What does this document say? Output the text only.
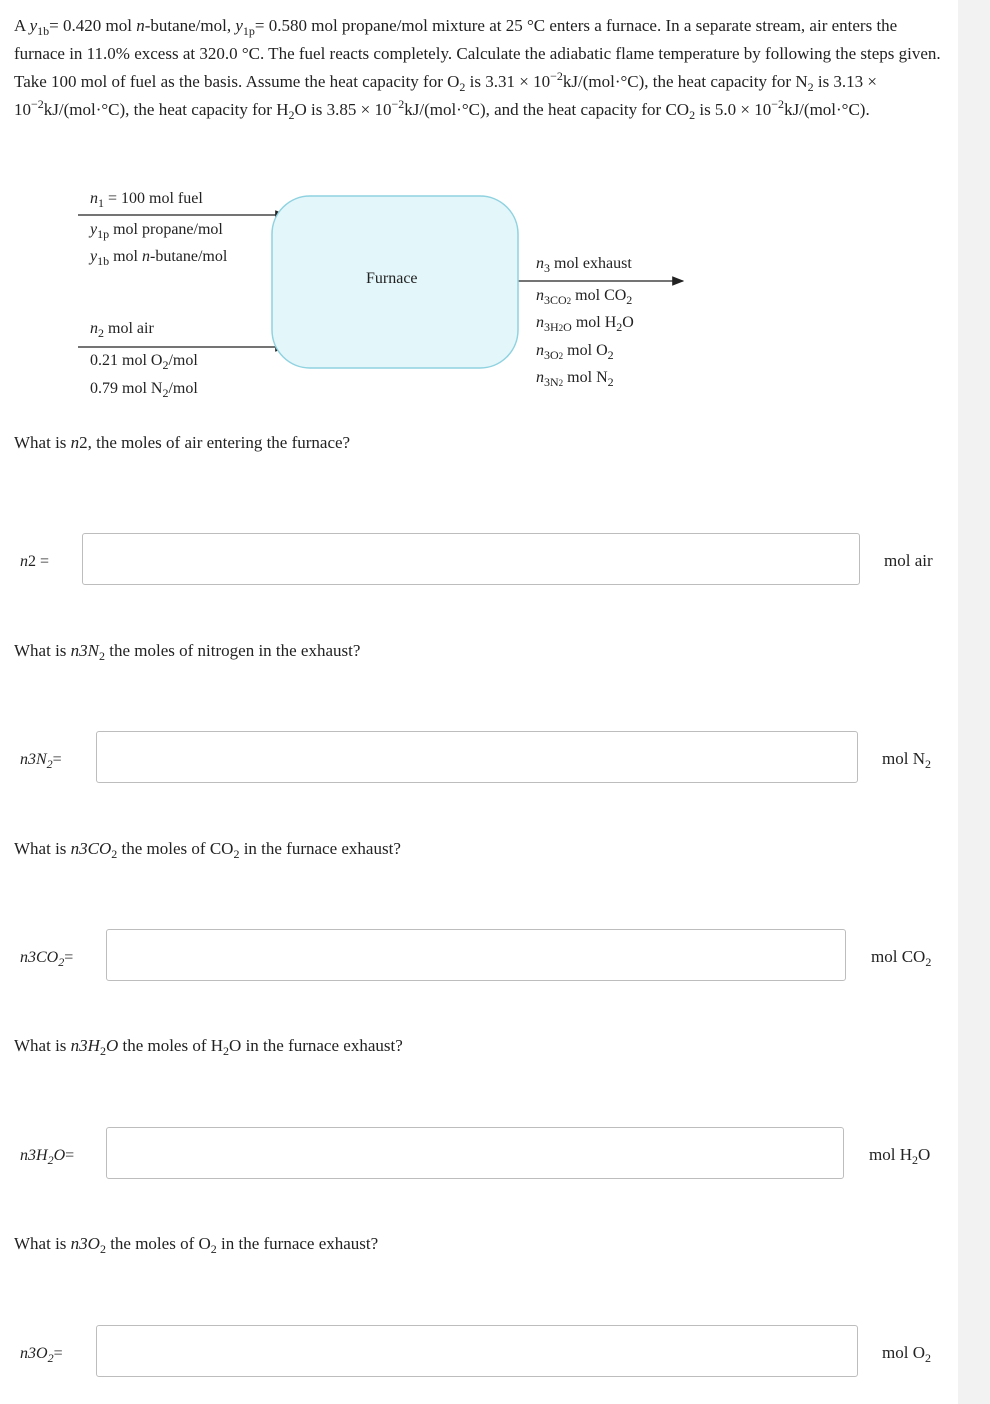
A $y_{1b}= 0.420$ mol n-butane/mol, $y_{1p}= 0.580$ mol propane/mol mixture at 25 °C enters a furnace. In a separate stream, air enters the furnace in 11.0% excess at 320.0 °C. The fuel reacts completely. Calculate the adiabatic flame temperature by following the steps given. Take 100 mol of fuel as the basis. Assume the heat capacity for $O_2$ is $3.31 \times 10^{-2}kJ/(mol\cdot^\circ C)$, the heat capacity for $N_2$ is $3.13 \times 10^{-2}kJ/(mol\cdot^\circ C)$, the heat capacity for $H_2O$ is $3.85 \times 10^{-2}kJ/(mol\cdot^\circ C)$, and the heat capacity for $CO_2$ is $5.0 \times 10^{-2}kJ/(mol\cdot^\circ C)$.
Furnace
$n_1 = 100$ mol fuel
$y_{1p}$ mol propane/mol
$y_{1b}$ mol n-butane/mol
$n_2$ mol air
0.21 mol $O_2$/mol
0.79 mol $N_2$/mol
$n_3$ mol exhaust
$n_{3CO2}$ mol $CO_2$
$n_{3H2O}$ mol $H_2O$
$n_{3O2}$ mol $O_2$
$n_{3N2}$ mol $N_2$
What is n2, the moles of air entering the furnace?
n2 =	mol air
What is $n3N_2$ the moles of nitrogen in the exhaust?
$n3N_2=$	mol $N_2$
What is $n3CO_2$ the moles of $CO_2$ in the furnace exhaust?
$n3CO_2=$	mol $CO_2$
What is $n3H_2O$ the moles of $H_2O$ in the furnace exhaust?
$n3H_2O=$	mol $H_2O$
What is $n3O_2$ the moles of $O_2$ in the furnace exhaust?
$n3O_2=$	mol $O_2$
